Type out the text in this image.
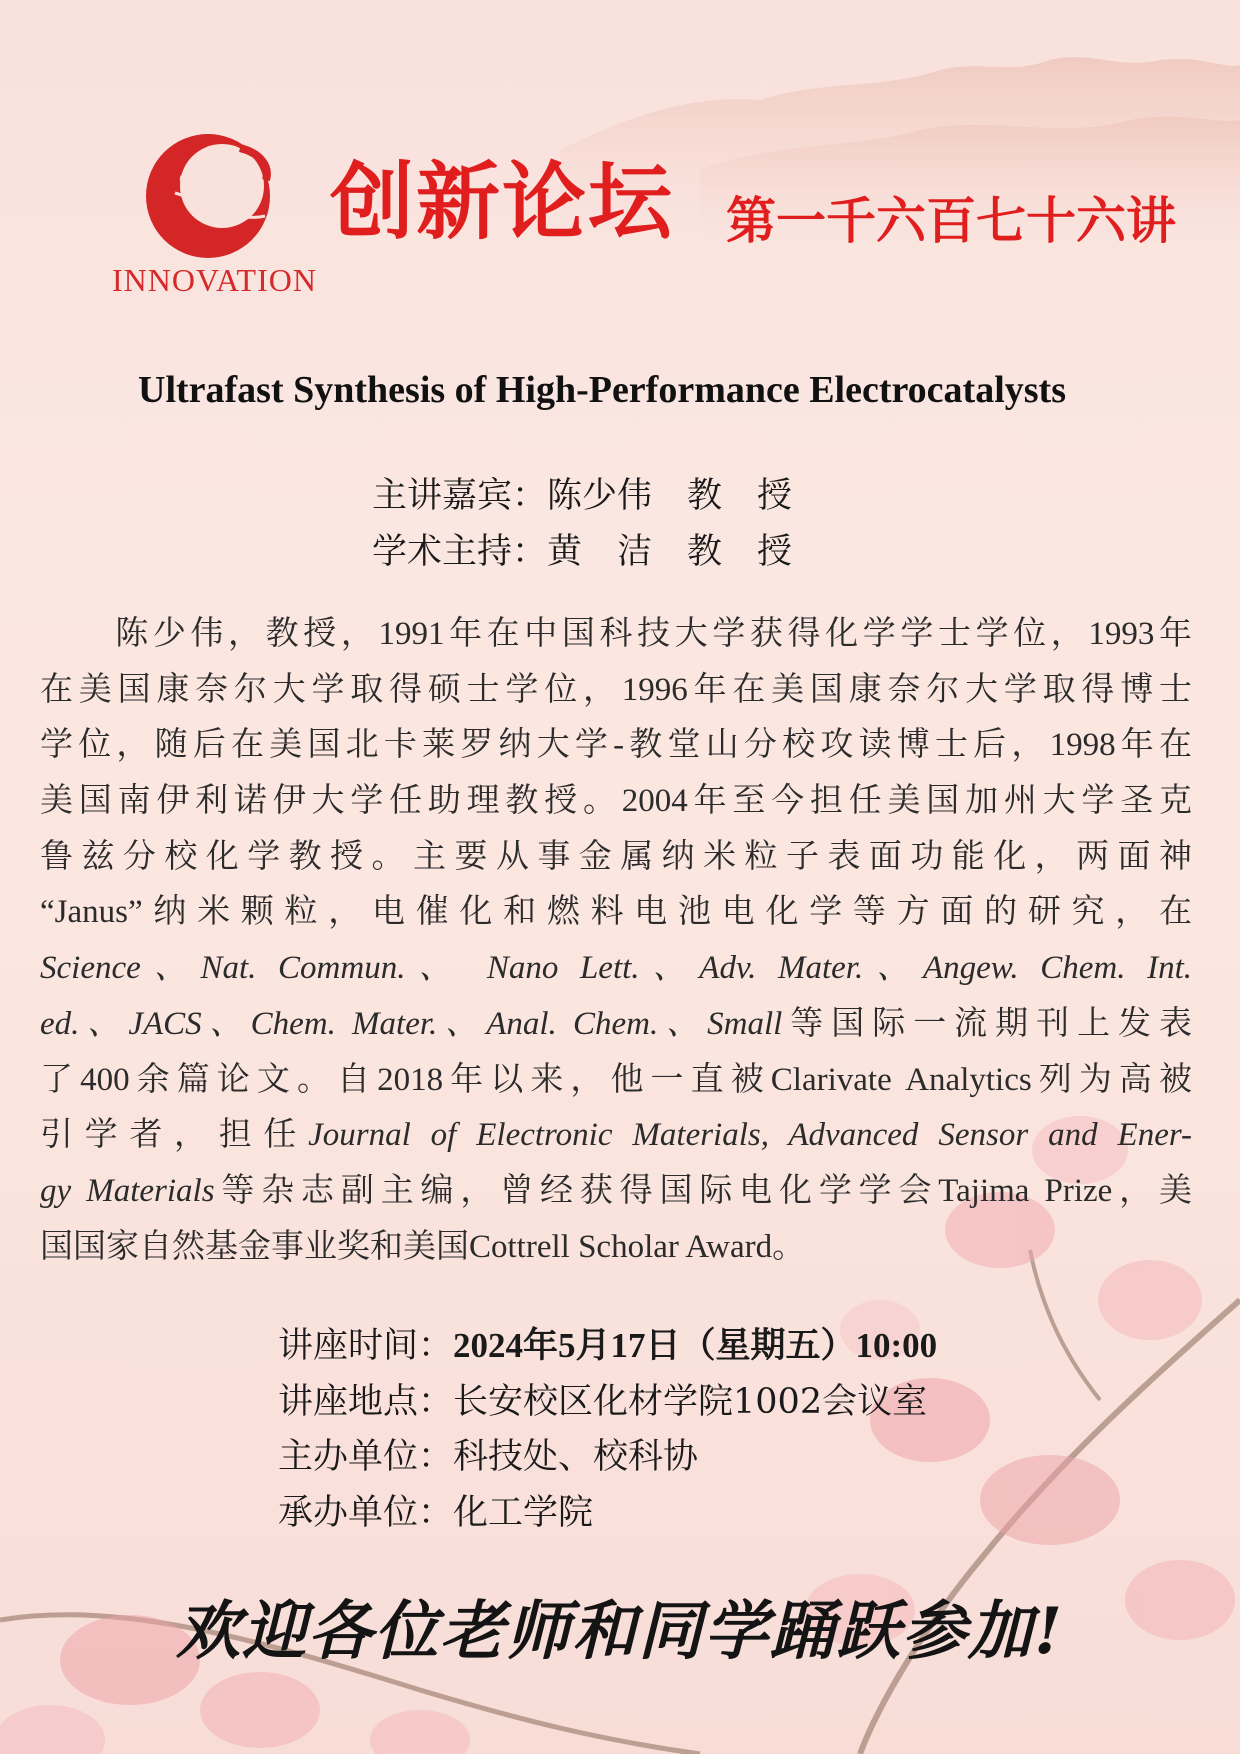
INNOVATION
创新论坛 第一千六百七十六讲
Ultrafast Synthesis of High-Performance Electrocatalysts
主讲嘉宾：陈少伟　教　授
学术主持：黄　洁　教　授
　　陈少伟，教授，1991年在中国科技大学获得化学学士学位，1993年
在美国康奈尔大学取得硕士学位，1996年在美国康奈尔大学取得博士
学位，随后在美国北卡莱罗纳大学-教堂山分校攻读博士后，1998年在
美国南伊利诺伊大学任助理教授。2004年至今担任美国加州大学圣克
鲁兹分校化学教授。主要从事金属纳米粒子表面功能化，两面神
“Janus”纳米颗粒，电催化和燃料电池电化学等方面的研究，在
Science、Nat. Commun.、 Nano Lett.、Adv. Mater.、Angew. Chem. Int.
ed.、JACS、Chem. Mater.、Anal. Chem.、Small等国际一流期刊上发表
了400余篇论文。自2018年以来，他一直被Clarivate Analytics列为高被
引学者，担任Journal of Electronic Materials, Advanced Sensor and Ener-
gy Materials等杂志副主编，曾经获得国际电化学学会Tajima Prize，美
国国家自然基金事业奖和美国Cottrell Scholar Award。
讲座时间：2024年5月17日（星期五）10:00
讲座地点：长安校区化材学院1002会议室
主办单位：科技处、校科协
承办单位：化工学院
欢迎各位老师和同学踊跃参加!
